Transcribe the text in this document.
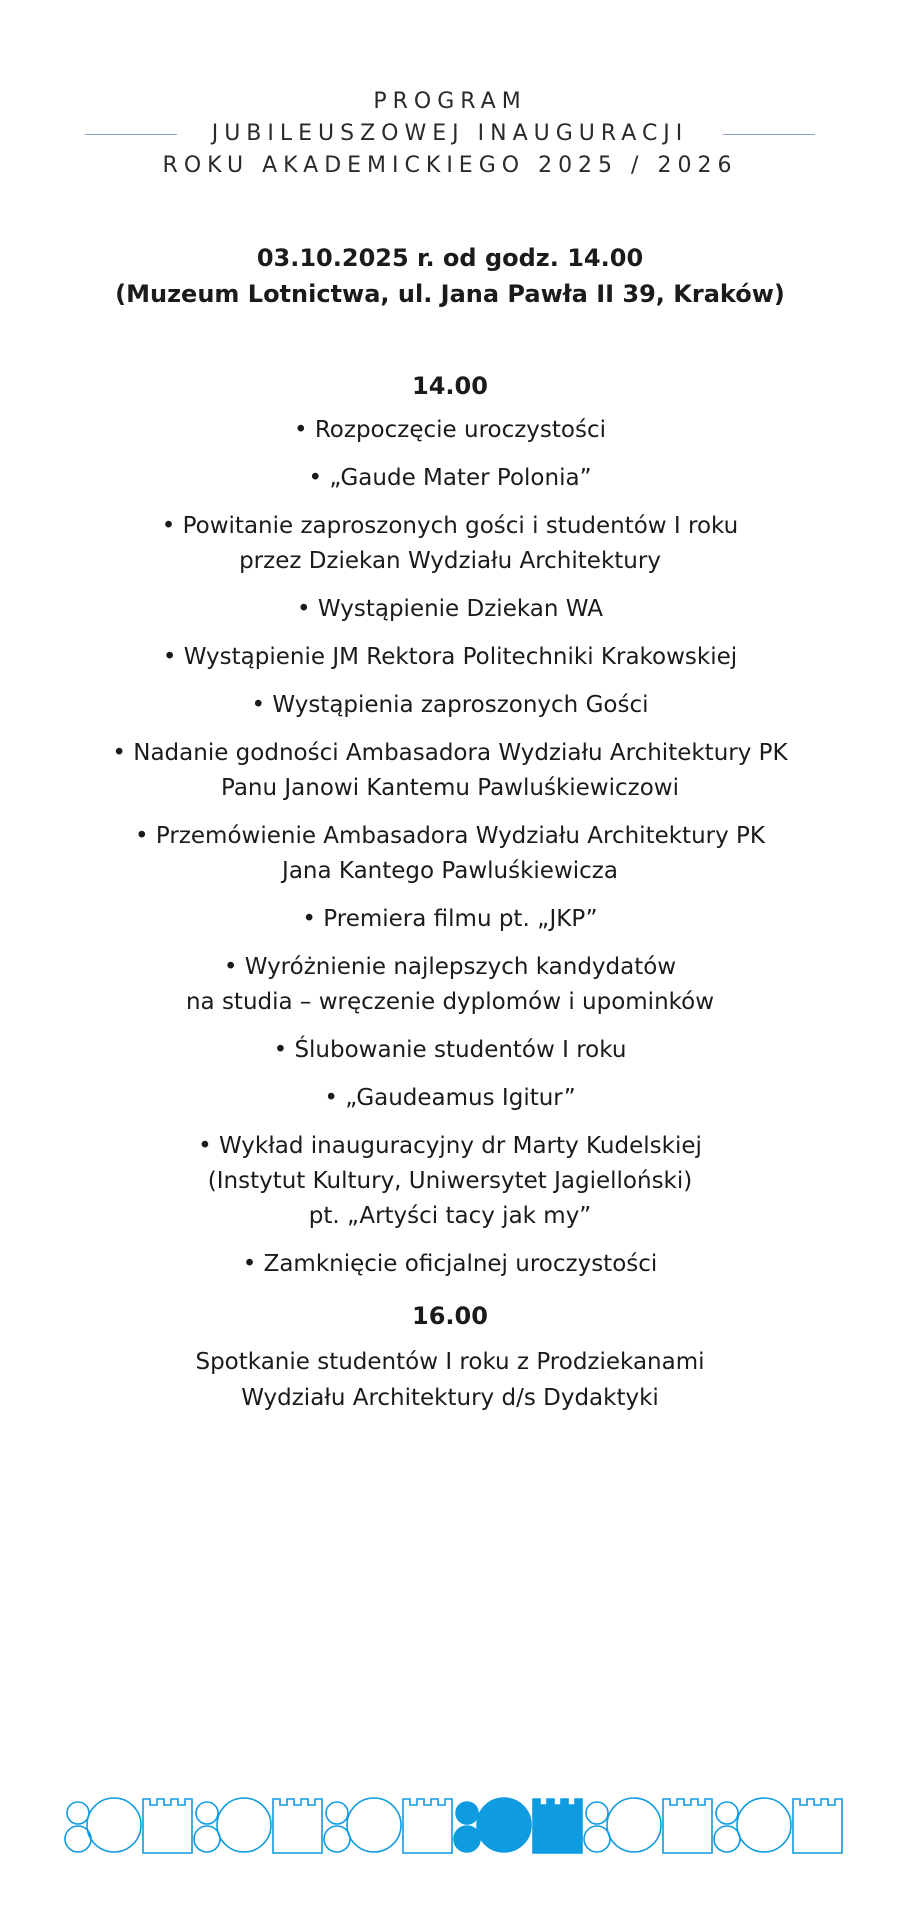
PROGRAM
JUBILEUSZOWEJ INAUGURACJI
ROKU AKADEMICKIEGO 2025 / 2026
03.10.2025 r. od godz. 14.00
(Muzeum Lotnictwa, ul. Jana Pawła II 39, Kraków)
14.00
• Rozpoczęcie uroczystości
• „Gaude Mater Polonia”
• Powitanie zaproszonych gości i studentów I roku
przez Dziekan Wydziału Architektury
• Wystąpienie Dziekan WA
• Wystąpienie JM Rektora Politechniki Krakowskiej
• Wystąpienia zaproszonych Gości
• Nadanie godności Ambasadora Wydziału Architektury PK
Panu Janowi Kantemu Pawluśkiewiczowi
• Przemówienie Ambasadora Wydziału Architektury PK
Jana Kantego Pawluśkiewicza
• Premiera filmu pt. „JKP”
• Wyróżnienie najlepszych kandydatów
na studia – wręczenie dyplomów i upominków
• Ślubowanie studentów I roku
• „Gaudeamus Igitur”
• Wykład inauguracyjny dr Marty Kudelskiej
(Instytut Kultury, Uniwersytet Jagielloński)
pt. „Artyści tacy jak my”
• Zamknięcie oficjalnej uroczystości
16.00
Spotkanie studentów I roku z Prodziekanami
Wydziału Architektury d/s Dydaktyki
